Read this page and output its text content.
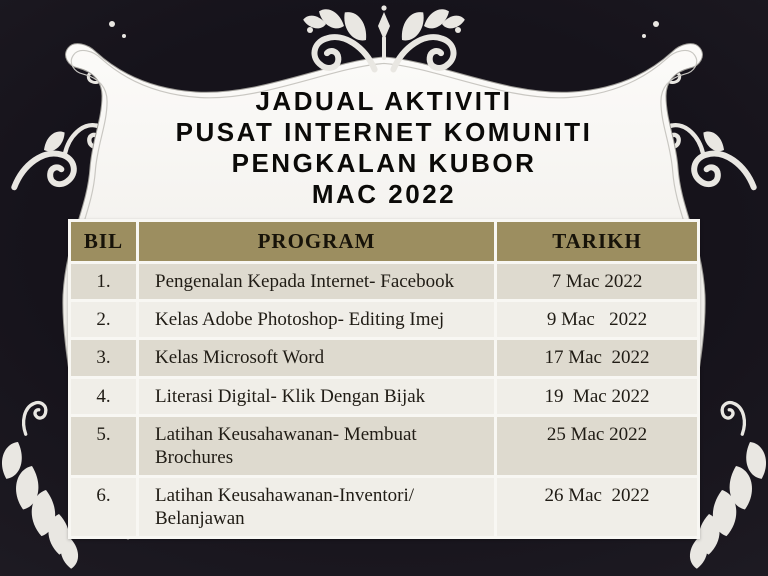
JADUAL AKTIVITI
PUSAT INTERNET KOMUNITI
PENGKALAN KUBOR
MAC 2022
BIL	PROGRAM	TARIKH
1.	Pengenalan Kepada Internet- Facebook	7 Mac 2022
2.	Kelas Adobe Photoshop- Editing Imej	9 Mac   2022
3.	Kelas Microsoft Word	17 Mac  2022
4.	Literasi Digital- Klik Dengan Bijak	19  Mac 2022
5.	Latihan Keusahawanan- Membuat Brochures	25 Mac 2022
6.	Latihan Keusahawanan-Inventori/ Belanjawan	26 Mac  2022
